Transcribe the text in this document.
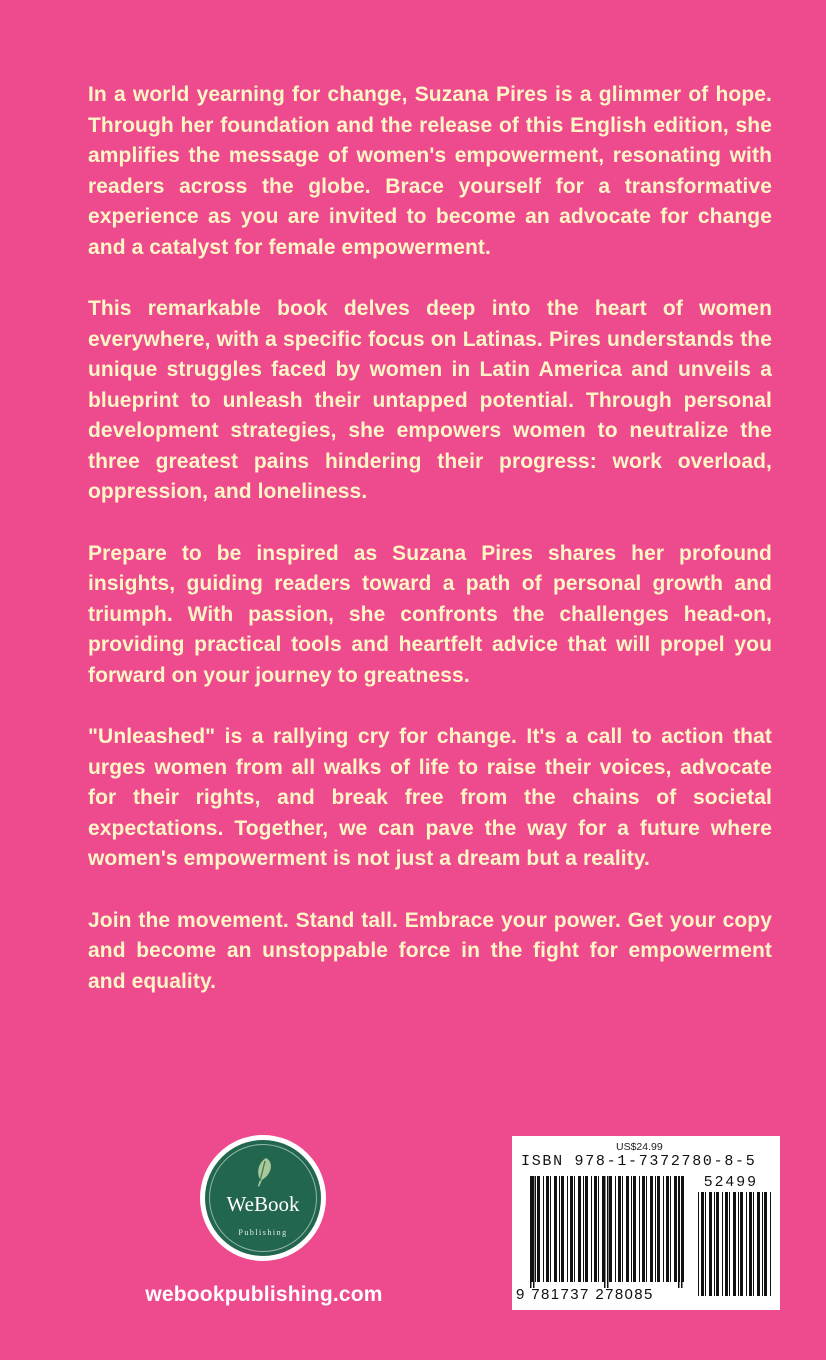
In a world yearning for change, Suzana Pires is a glimmer of hope. Through her foundation and the release of this English edition, she amplifies the message of women's empowerment, resonating with readers across the globe. Brace yourself for a transformative experience as you are invited to become an advocate for change and a catalyst for female empowerment.

This remarkable book delves deep into the heart of women everywhere, with a specific focus on Latinas. Pires understands the unique struggles faced by women in Latin America and unveils a blueprint to unleash their untapped potential. Through personal development strategies, she empowers women to neutralize the three greatest pains hindering their progress: work overload, oppression, and loneliness.

Prepare to be inspired as Suzana Pires shares her profound insights, guiding readers toward a path of personal growth and triumph. With passion, she confronts the challenges head-on, providing practical tools and heartfelt advice that will propel you forward on your journey to greatness.

"Unleashed" is a rallying cry for change. It's a call to action that urges women from all walks of life to raise their voices, advocate for their rights, and break free from the chains of societal expectations. Together, we can pave the way for a future where women's empowerment is not just a dream but a reality.

Join the movement. Stand tall. Embrace your power. Get your copy and become an unstoppable force in the fight for empowerment and equality.

WeBook
Publishing
webookpublishing.com
US$24.99
ISBN 978-1-7372780-8-5
52499
9 781737 278085
